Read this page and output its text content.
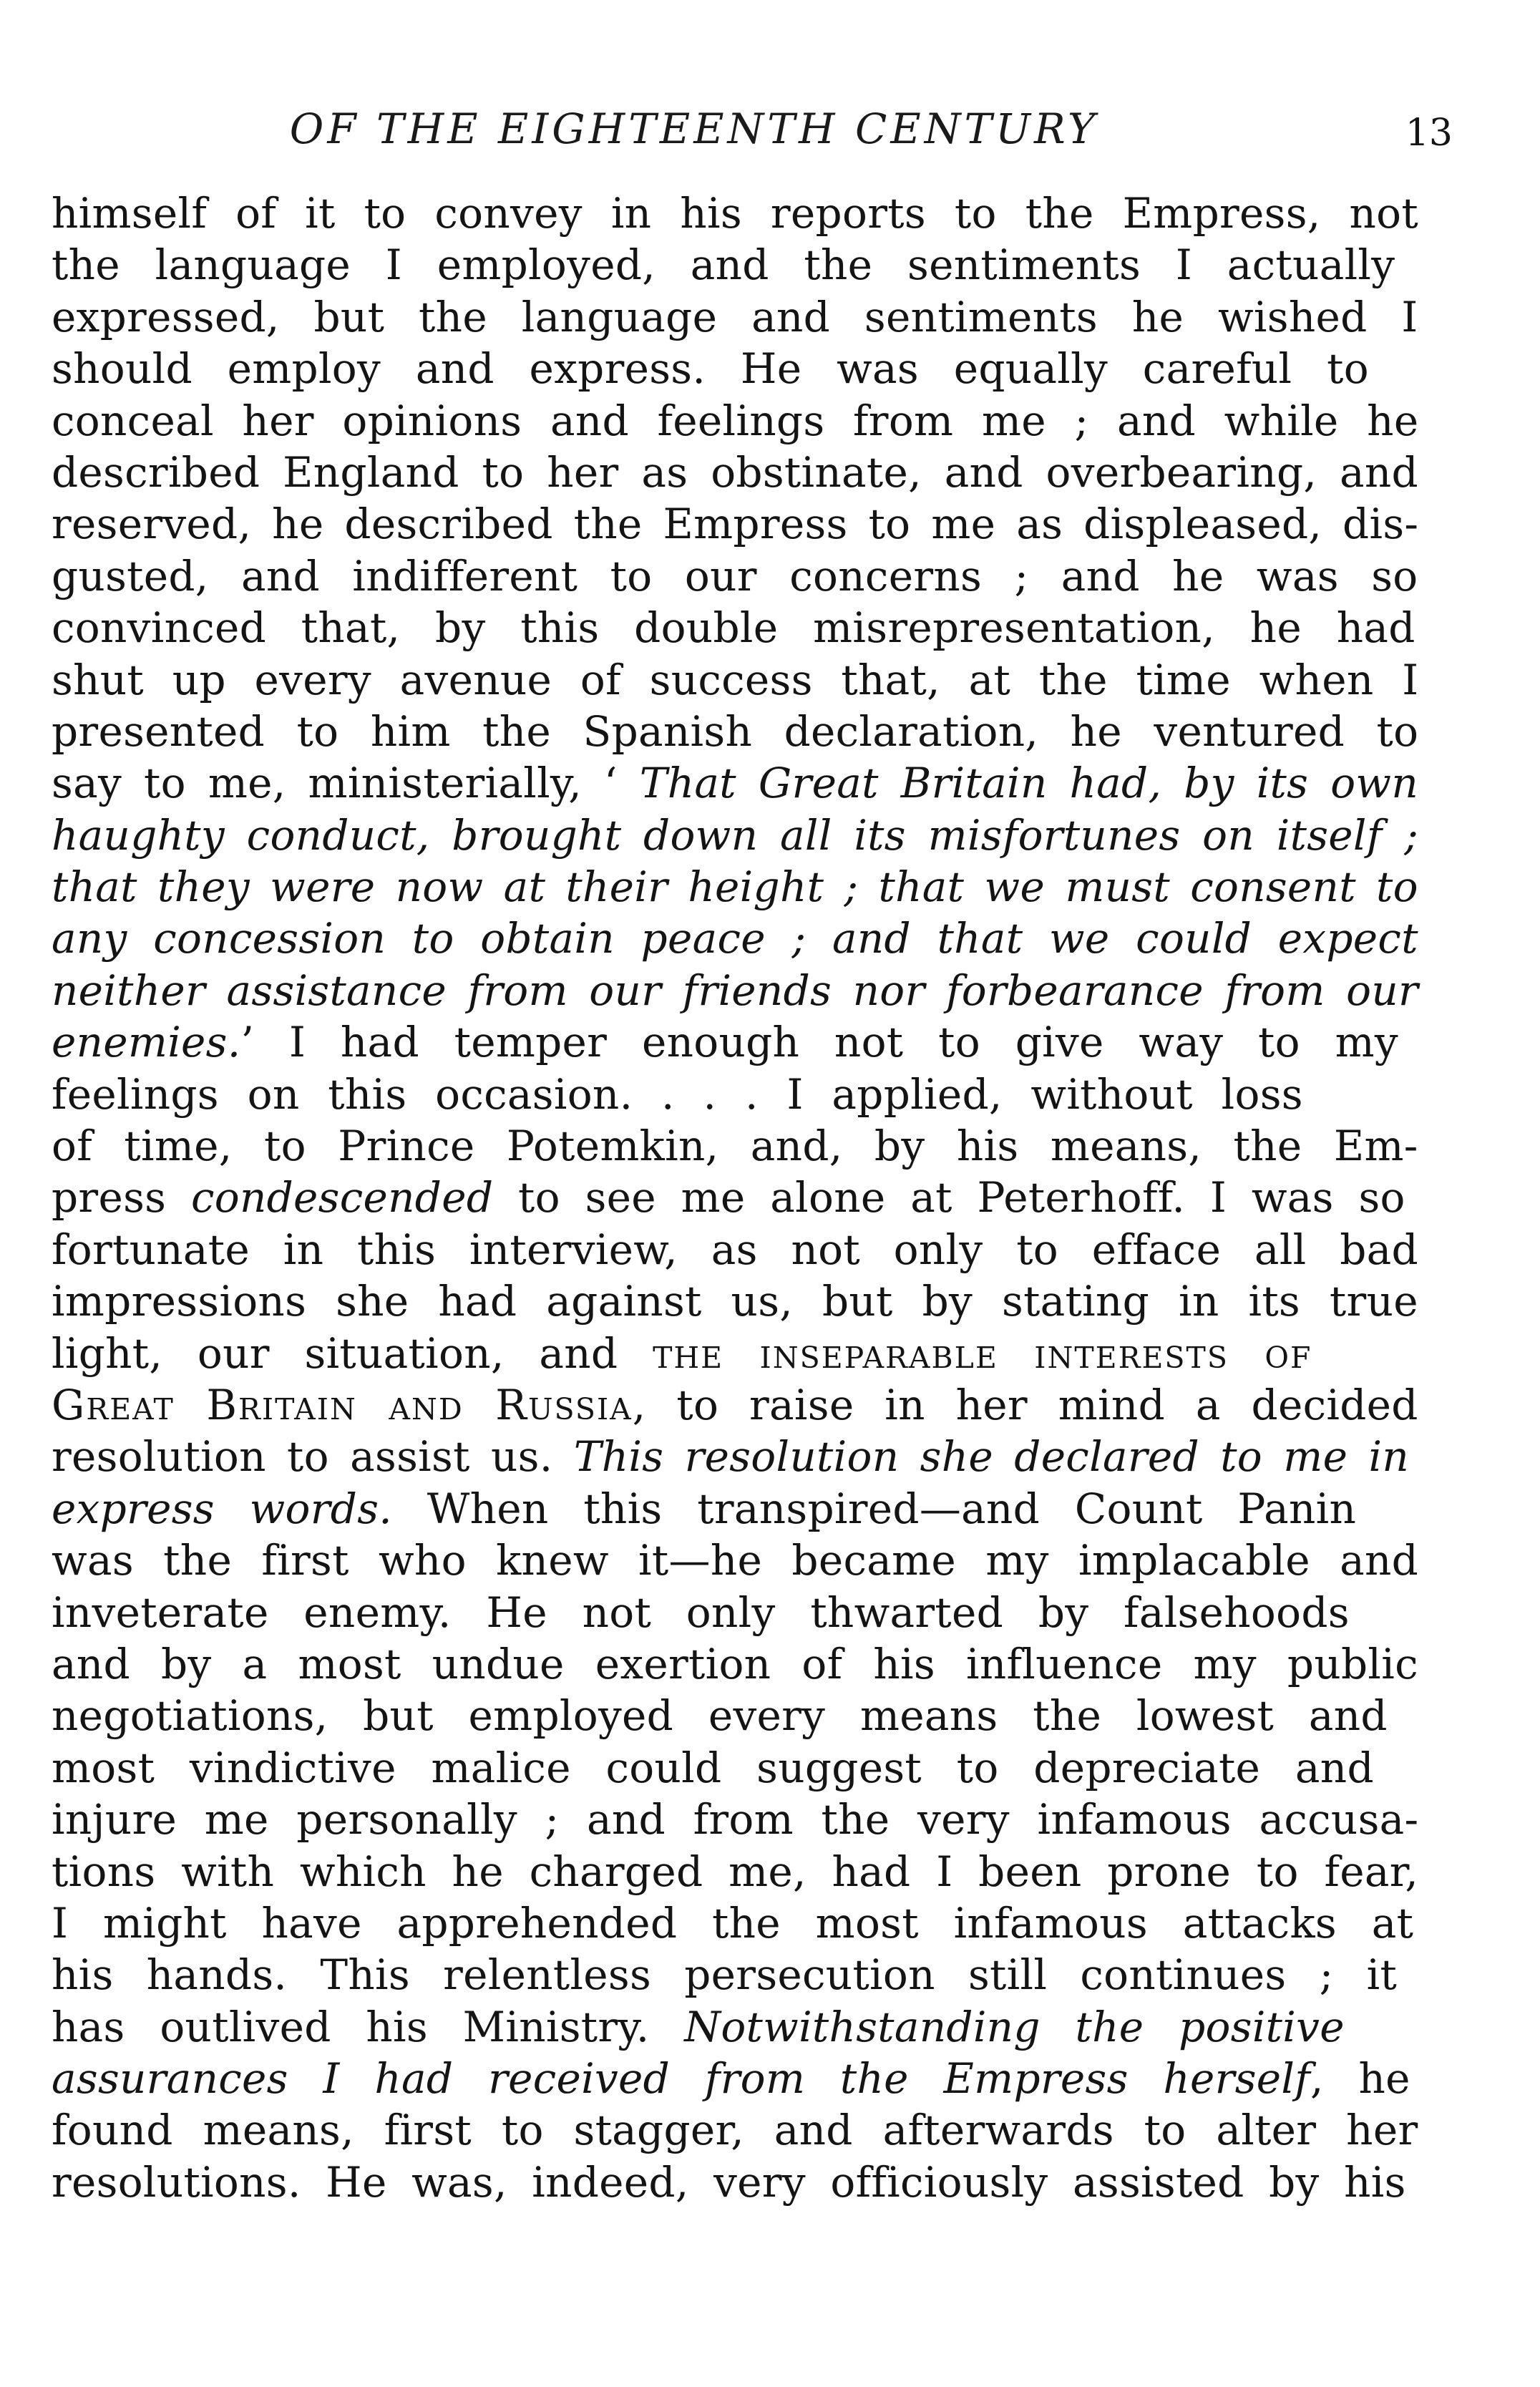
OF THE EIGHTEENTH CENTURY	13
himself of it to convey in his reports to the Empress, not
the language I employed, and the sentiments I actually
expressed, but the language and sentiments he wished I
should employ and express. He was equally careful to
conceal her opinions and feelings from me ; and while he
described England to her as obstinate, and overbearing, and
reserved, he described the Empress to me as displeased, dis-
gusted, and indifferent to our concerns ; and he was so
convinced that, by this double misrepresentation, he had
shut up every avenue of success that, at the time when I
presented to him the Spanish declaration, he ventured to
say to me, ministerially, ‘ That Great Britain had, by its own
haughty conduct, brought down all its misfortunes on itself ;
that they were now at their height ; that we must consent to
any concession to obtain peace ; and that we could expect
neither assistance from our friends nor forbearance from our
enemies.’ I had temper enough not to give way to my
feelings on this occasion. . . . I applied, without loss
of time, to Prince Potemkin, and, by his means, the Em-
press condescended to see me alone at Peterhoff. I was so
fortunate in this interview, as not only to efface all bad
impressions she had against us, but by stating in its true
light, our situation, and the inseparable interests of
Great Britain and Russia, to raise in her mind a decided
resolution to assist us. This resolution she declared to me in
express words. When this transpired—and Count Panin
was the first who knew it—he became my implacable and
inveterate enemy. He not only thwarted by falsehoods
and by a most undue exertion of his influence my public
negotiations, but employed every means the lowest and
most vindictive malice could suggest to depreciate and
injure me personally ; and from the very infamous accusa-
tions with which he charged me, had I been prone to fear,
I might have apprehended the most infamous attacks at
his hands. This relentless persecution still continues ; it
has outlived his Ministry. Notwithstanding the positive
assurances I had received from the Empress herself, he
found means, first to stagger, and afterwards to alter her
resolutions. He was, indeed, very officiously assisted by his
